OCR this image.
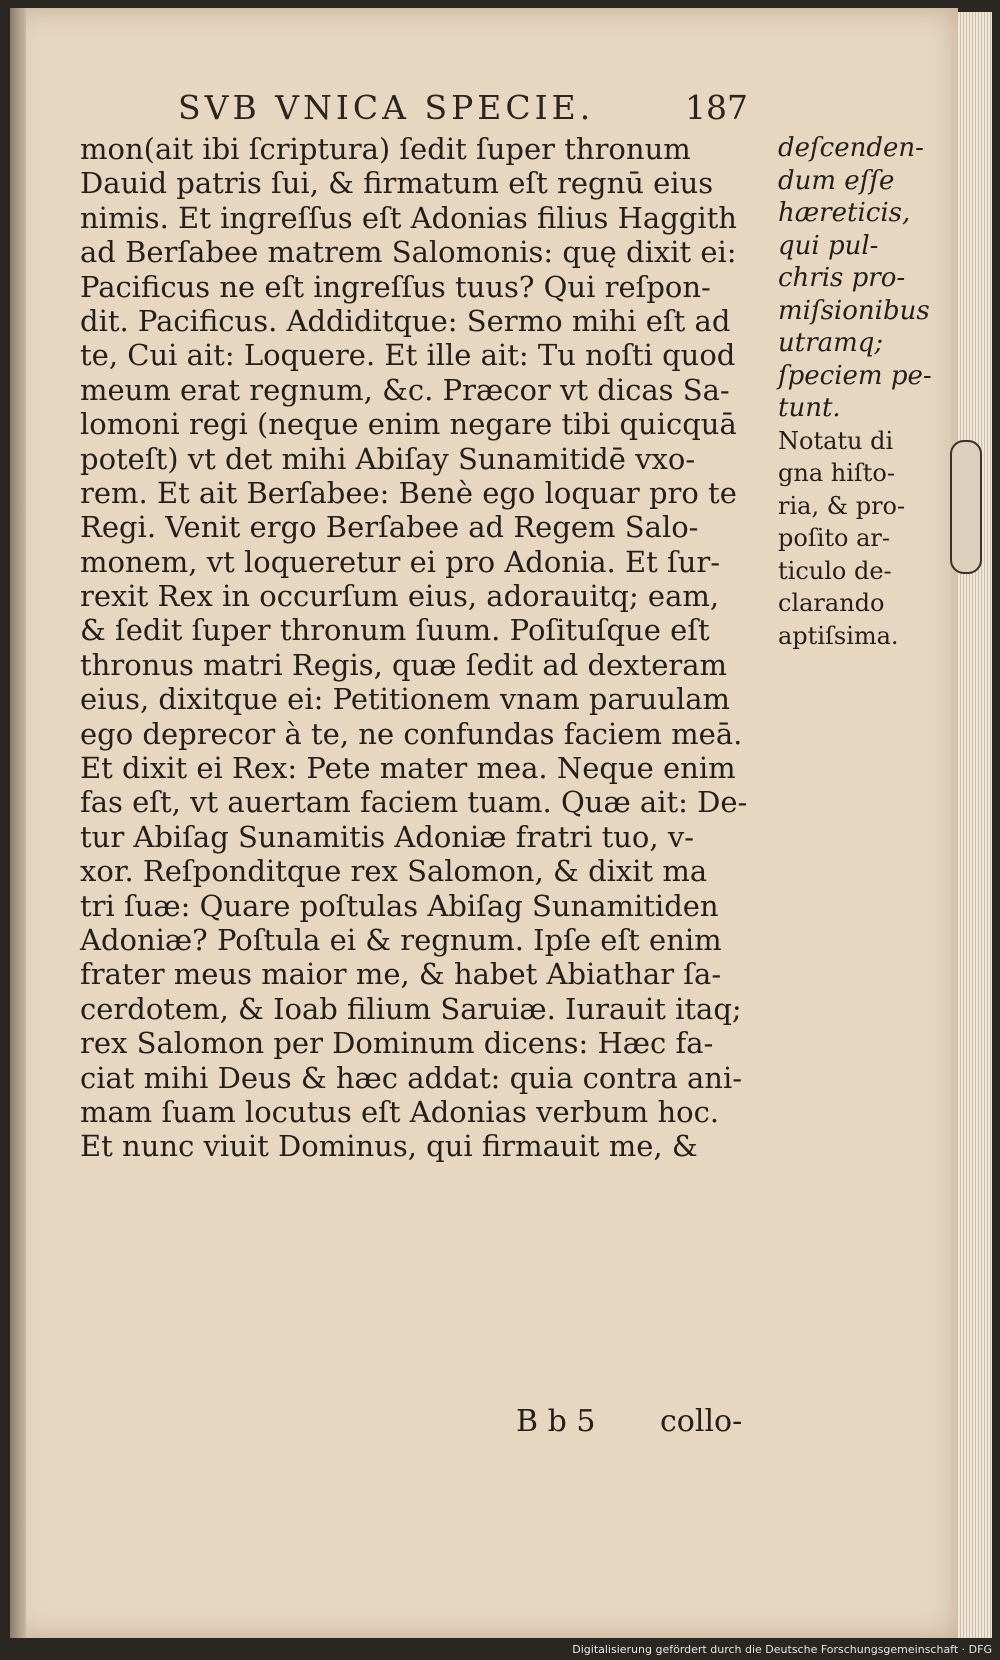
SVB VNICA SPECIE.	187
mon(ait ibi ſcriptura) ſedit ſuper thronum
Dauid patris ſui, & firmatum eſt regnū eius
nimis. Et ingreſſus eſt Adonias filius Haggith
ad Berſabee matrem Salomonis: quę dixit ei:
Pacificus ne eſt ingreſſus tuus? Qui reſpon-
dit. Pacificus. Addiditque: Sermo mihi eſt ad
te, Cui ait: Loquere. Et ille ait: Tu noſti quod
meum erat regnum, &c. Præcor vt dicas Sa-
lomoni regi (neque enim negare tibi quicquā
poteſt) vt det mihi Abiſay Sunamitidē vxo-
rem. Et ait Berſabee: Benè ego loquar pro te
Regi. Venit ergo Berſabee ad Regem Salo-
monem, vt loqueretur ei pro Adonia. Et ſur-
rexit Rex in occurſum eius, adorauitq; eam,
& ſedit ſuper thronum ſuum. Poſituſque eſt
thronus matri Regis, quæ ſedit ad dexteram
eius, dixitque ei: Petitionem vnam paruulam
ego deprecor à te, ne confundas faciem meā.
Et dixit ei Rex: Pete mater mea. Neque enim
fas eſt, vt auertam faciem tuam. Quæ ait: De-
tur Abiſag Sunamitis Adoniæ fratri tuo, v-
xor. Reſponditque rex Salomon, & dixit ma
tri ſuæ: Quare poſtulas Abiſag Sunamitiden
Adoniæ? Poſtula ei & regnum. Ipſe eſt enim
frater meus maior me, & habet Abiathar ſa-
cerdotem, & Ioab filium Saruiæ. Iurauit itaq;
rex Salomon per Dominum dicens: Hæc fa-
ciat mihi Deus & hæc addat: quia contra ani-
mam ſuam locutus eſt Adonias verbum hoc.
Et nunc viuit Dominus, qui firmauit me, &
deſcenden-
dum eſſe
hæreticis,
qui pul-
chris pro-
miſsionibus
utramq;
ſpeciem pe-
tunt.
Notatu di
gna hiſto-
ria, & pro-
poſito ar-
ticulo de-
clarando
aptiſsima.
B b 5 collo-
Digitalisierung gefördert durch die Deutsche Forschungsgemeinschaft · DFG
